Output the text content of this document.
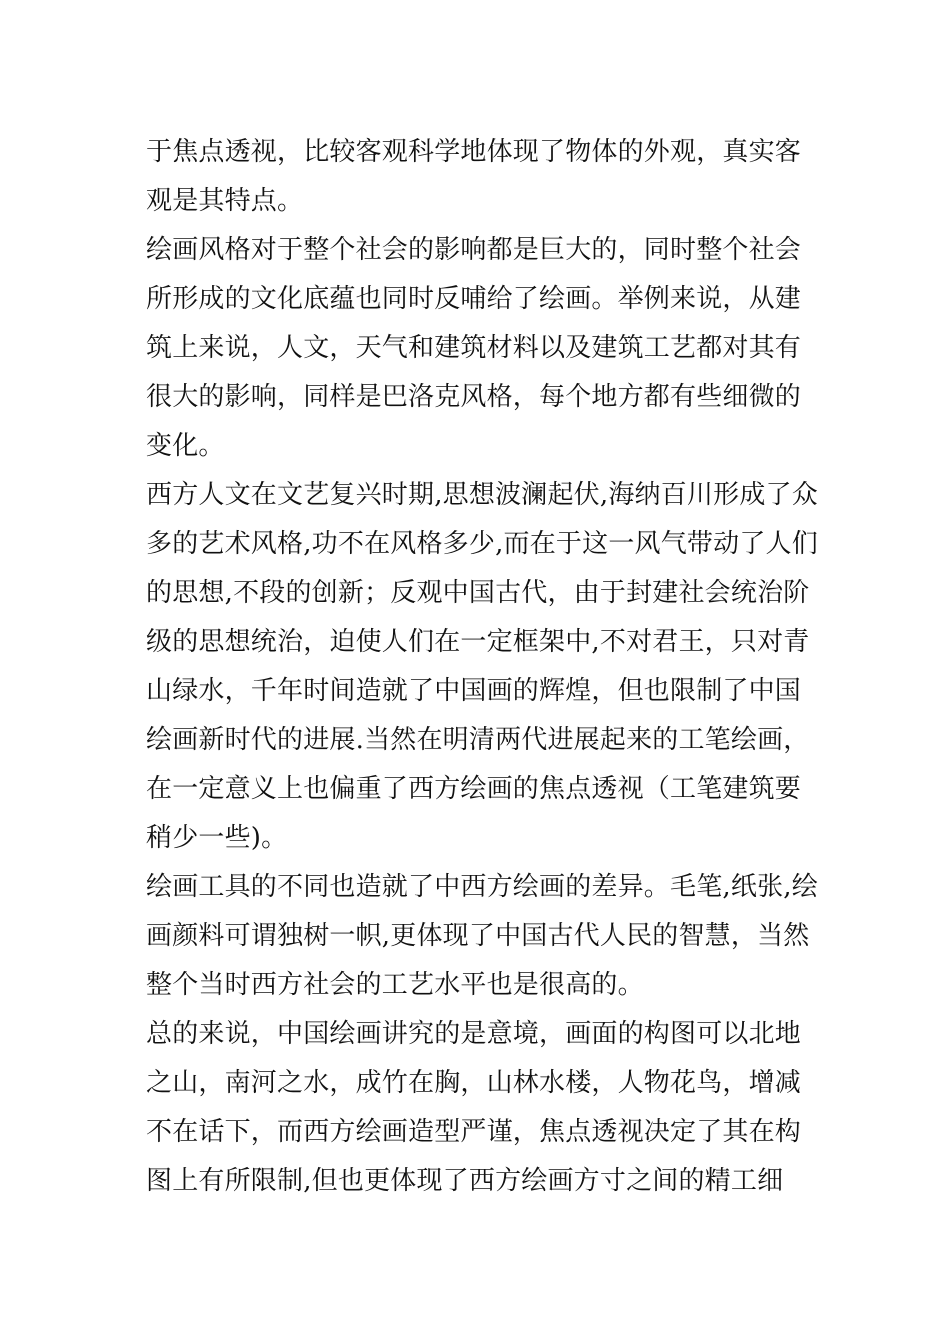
于焦点透视，比较客观科学地体现了物体的外观，真实客
观是其特点。
绘画风格对于整个社会的影响都是巨大的，同时整个社会
所形成的文化底蕴也同时反哺给了绘画。举例来说，从建
筑上来说，人文，天气和建筑材料以及建筑工艺都对其有
很大的影响，同样是巴洛克风格，每个地方都有些细微的
变化。
西方人文在文艺复兴时期,思想波澜起伏,海纳百川形成了众
多的艺术风格,功不在风格多少,而在于这一风气带动了人们
的思想,不段的创新；反观中国古代，由于封建社会统治阶
级的思想统治，迫使人们在一定框架中,不对君王，只对青
山绿水，千年时间造就了中国画的辉煌，但也限制了中国
绘画新时代的进展.当然在明清两代进展起来的工笔绘画，
在一定意义上也偏重了西方绘画的焦点透视（工笔建筑要
稍少一些)。
绘画工具的不同也造就了中西方绘画的差异。毛笔,纸张,绘
画颜料可谓独树一帜,更体现了中国古代人民的智慧，当然
整个当时西方社会的工艺水平也是很高的。
总的来说，中国绘画讲究的是意境，画面的构图可以北地
之山，南河之水，成竹在胸，山林水楼，人物花鸟，增减
不在话下，而西方绘画造型严谨，焦点透视决定了其在构
图上有所限制,但也更体现了西方绘画方寸之间的精工细
